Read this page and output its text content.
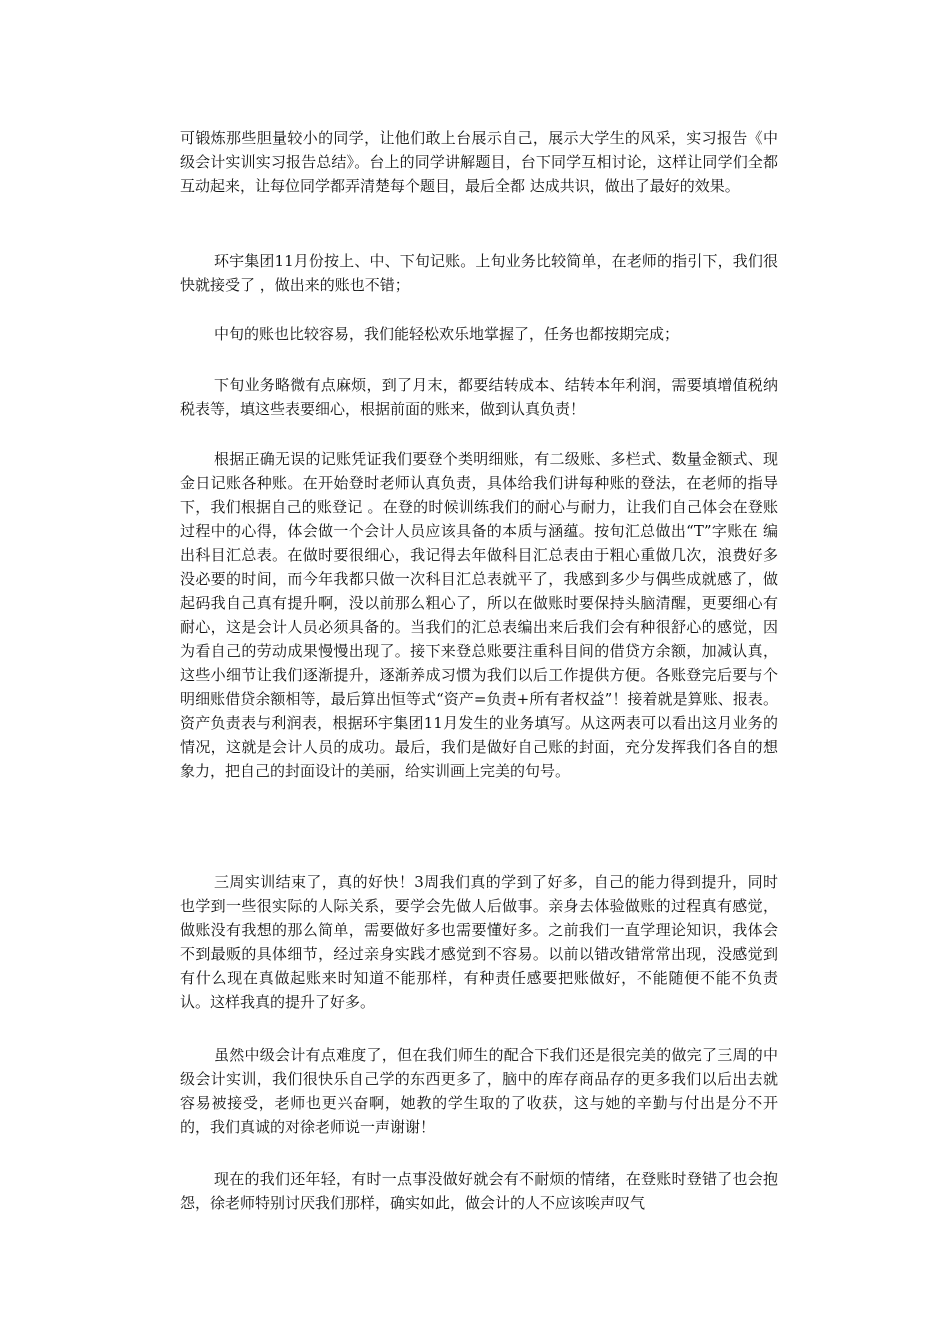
可锻炼那些胆量较小的同学，让他们敢上台展示自己，展示大学生的风采，实习报告《中级会计实训实习报告总结》。台上的同学讲解题目，台下同学互相讨论，这样让同学们全都互动起来，让每位同学都弄清楚每个题目，最后全都 达成共识，做出了最好的效果。

环宇集团11月份按上、中、下旬记账。上旬业务比较简单，在老师的指引下，我们很快就接受了 ，做出来的账也不错；

中旬的账也比较容易，我们能轻松欢乐地掌握了，任务也都按期完成；

下旬业务略微有点麻烦，到了月末，都要结转成本、结转本年利润，需要填增值税纳税表等，填这些表要细心，根据前面的账来，做到认真负责！

根据正确无误的记账凭证我们要登个类明细账，有二级账、多栏式、数量金额式、现金日记账各种账。在开始登时老师认真负责，具体给我们讲每种账的登法，在老师的指导下，我们根据自己的账登记 。在登的时候训练我们的耐心与耐力，让我们自己体会在登账过程中的心得，体会做一个会计人员应该具备的本质与涵蕴。按旬汇总做出“T”字账在 编出科目汇总表。在做时要很细心，我记得去年做科目汇总表由于粗心重做几次，浪费好多没必要的时间，而今年我都只做一次科目汇总表就平了，我感到多少与偶些成就感了，做起码我自己真有提升啊，没以前那么粗心了，所以在做账时要保持头脑清醒，更要细心有耐心，这是会计人员必须具备的。当我们的汇总表编出来后我们会有种很舒心的感觉，因为看自己的劳动成果慢慢出现了。接下来登总账要注重科目间的借贷方余额，加减认真，这些小细节让我们逐渐提升，逐渐养成习惯为我们以后工作提供方便。各账登完后要与个明细账借贷余额相等，最后算出恒等式“资产=负责+所有者权益”！接着就是算账、报表。资产负责表与利润表，根据环宇集团11月发生的业务填写。从这两表可以看出这月业务的情况，这就是会计人员的成功。最后，我们是做好自己账的封面，充分发挥我们各自的想象力，把自己的封面设计的美丽，给实训画上完美的句号。

三周实训结束了，真的好快！3周我们真的学到了好多，自己的能力得到提升，同时也学到一些很实际的人际关系，要学会先做人后做事。亲身去体验做账的过程真有感觉，做账没有我想的那么简单，需要做好多也需要懂好多。之前我们一直学理论知识，我体会不到最贩的具体细节，经过亲身实践才感觉到不容易。以前以错改错常常出现，没感觉到有什么现在真做起账来时知道不能那样，有种责任感要把账做好，不能随便不能不负责认。这样我真的提升了好多。

虽然中级会计有点难度了，但在我们师生的配合下我们还是很完美的做完了三周的中级会计实训，我们很快乐自己学的东西更多了，脑中的库存商品存的更多我们以后出去就容易被接受，老师也更兴奋啊，她教的学生取的了收获，这与她的辛勤与付出是分不开的，我们真诚的对徐老师说一声谢谢！

现在的我们还年轻，有时一点事没做好就会有不耐烦的情绪，在登账时登错了也会抱怨，徐老师特别讨厌我们那样，确实如此，做会计的人不应该唉声叹气
